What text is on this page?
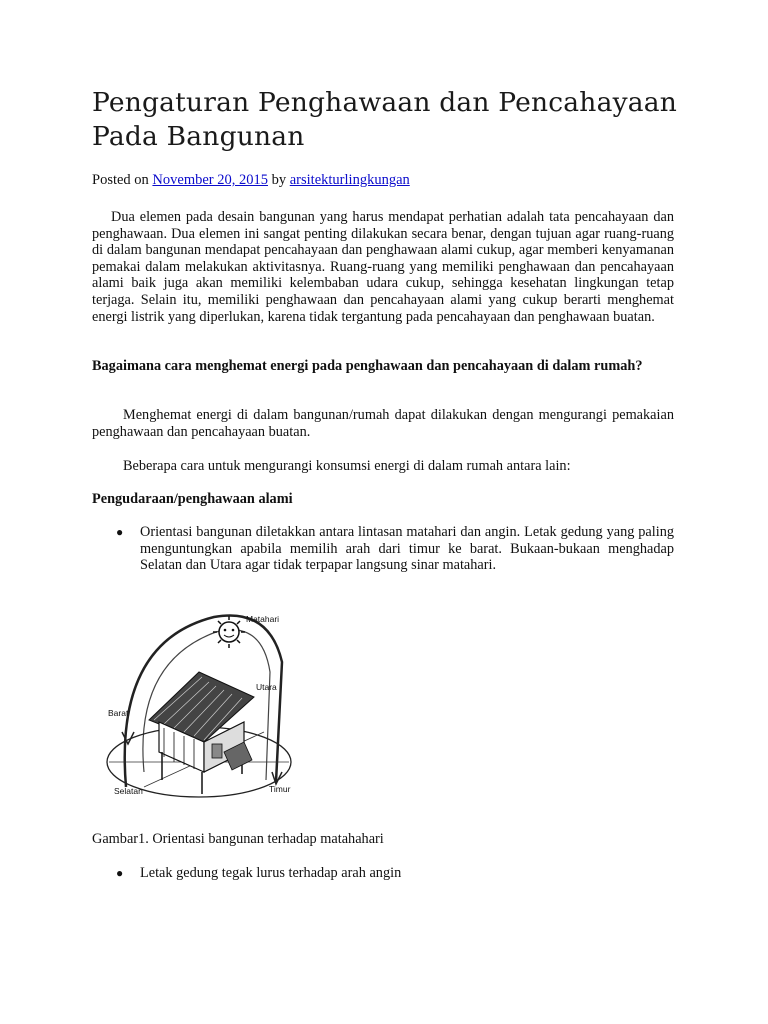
Pengaturan Penghawaan dan Pencahayaan Pada Bangunan
Posted on November 20, 2015 by arsitekturlingkungan

Dua elemen pada desain bangunan yang harus mendapat perhatian adalah tata pencahayaan dan penghawaan. Dua elemen ini sangat penting dilakukan secara benar, dengan tujuan agar ruang-ruang di dalam bangunan mendapat pencahayaan dan penghawaan alami cukup, agar memberi kenyamanan pemakai dalam melakukan aktivitasnya. Ruang-ruang yang memiliki penghawaan dan pencahayaan alami baik juga akan memiliki kelembaban udara cukup, sehingga kesehatan lingkungan tetap terjaga. Selain itu, memiliki penghawaan dan pencahayaan alami yang cukup berarti menghemat energi listrik yang diperlukan, karena tidak tergantung pada pencahayaan dan penghawaan buatan.

Bagaimana cara menghemat energi pada penghawaan dan pencahayaan di dalam rumah?

Menghemat energi di dalam bangunan/rumah dapat dilakukan dengan mengurangi pemakaian penghawaan dan pencahayaan buatan.

Beberapa cara untuk mengurangi konsumsi energi di dalam rumah antara lain:

Pengudaraan/penghawaan alami

● Orientasi bangunan diletakkan antara lintasan matahari dan angin. Letak gedung yang paling menguntungkan apabila memilih arah dari timur ke barat. Bukaan-bukaan menghadap Selatan dan Utara agar tidak terpapar langsung sinar matahari.
Matahari
Utara
Barat
Selatan	Timur
Gambar1. Orientasi bangunan terhadap matahahari
● Letak gedung tegak lurus terhadap arah angin
